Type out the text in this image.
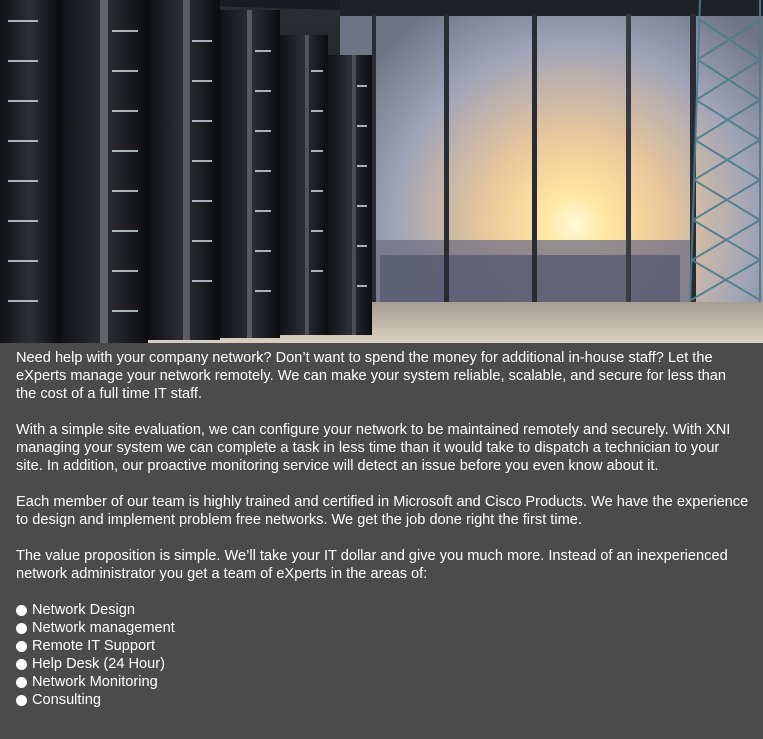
Need help with your company network? Don’t want to spend the money for additional in-house staff? Let the eXperts manage your network remotely. We can make your system reliable, scalable, and secure for less than the cost of a full time IT staff.

With a simple site evaluation, we can configure your network to be maintained remotely and securely. With XNI managing your system we can complete a task in less time than it would take to dispatch a technician to your site. In addition, our proactive monitoring service will detect an issue before you even know about it.

Each member of our team is highly trained and certified in Microsoft and Cisco Products. We have the experience to design and implement problem free networks. We get the job done right the first time.

The value proposition is simple. We’ll take your IT dollar and give you much more. Instead of an inexperienced network administrator you get a team of eXperts in the areas of:

Network Design
Network management
Remote IT Support
Help Desk (24 Hour)
Network Monitoring
Consulting
